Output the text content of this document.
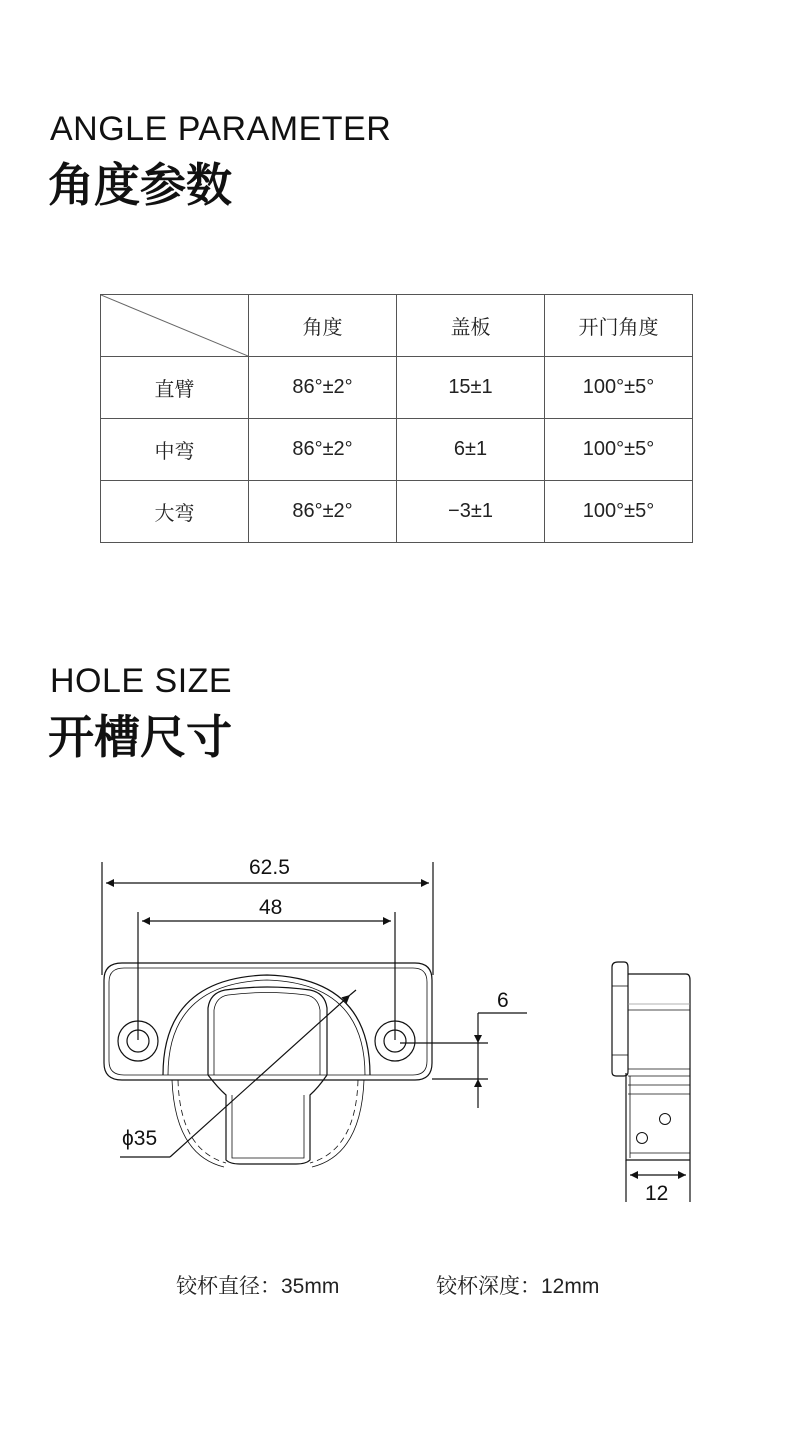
ANGLE PARAMETER
角度参数
	角度	盖板	开门角度
直臂	86°±2°	15±1	100°±5°
中弯	86°±2°	6±1	100°±5°
大弯	86°±2°	−3±1	100°±5°
HOLE SIZE
开槽尺寸
62.5
48
6
ϕ35
12
铰杯直径：35mm	铰杯深度：12mm
